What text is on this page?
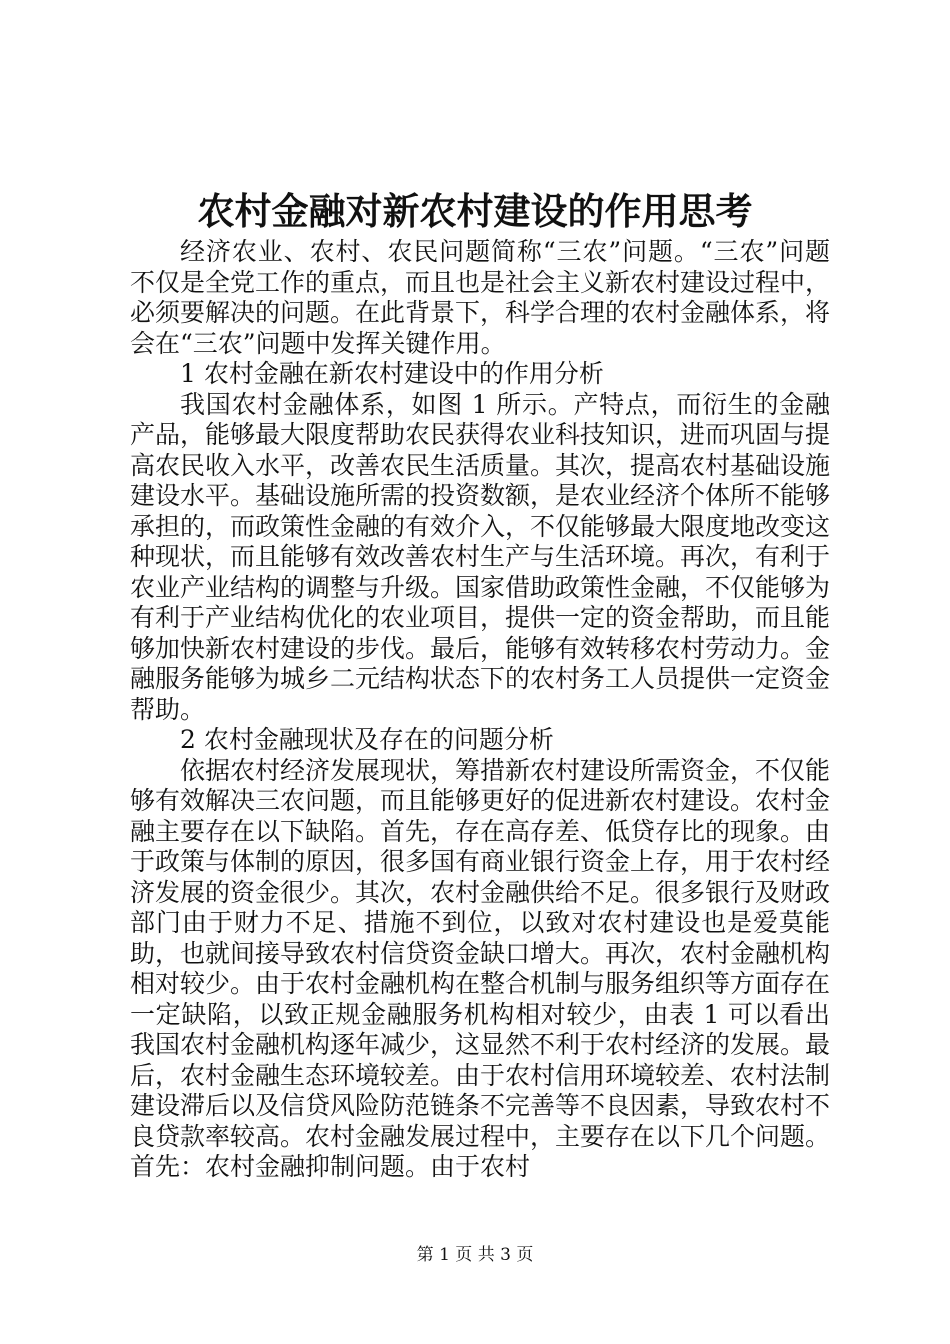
农村金融对新农村建设的作用思考

经济农业、农村、农民问题简称“三农”问题。“三农”问题不仅是全党工作的重点，而且也是社会主义新农村建设过程中，必须要解决的问题。在此背景下，科学合理的农村金融体系，将会在“三农”问题中发挥关键作用。

1 农村金融在新农村建设中的作用分析

我国农村金融体系，如图 1 所示。产特点，而衍生的金融产品，能够最大限度帮助农民获得农业科技知识，进而巩固与提高农民收入水平，改善农民生活质量。其次，提高农村基础设施建设水平。基础设施所需的投资数额，是农业经济个体所不能够承担的，而政策性金融的有效介入，不仅能够最大限度地改变这种现状，而且能够有效改善农村生产与生活环境。再次，有利于农业产业结构的调整与升级。国家借助政策性金融，不仅能够为有利于产业结构优化的农业项目，提供一定的资金帮助，而且能够加快新农村建设的步伐。最后，能够有效转移农村劳动力。金融服务能够为城乡二元结构状态下的农村务工人员提供一定资金帮助。

2 农村金融现状及存在的问题分析

依据农村经济发展现状，筹措新农村建设所需资金，不仅能够有效解决三农问题，而且能够更好的促进新农村建设。农村金融主要存在以下缺陷。首先，存在高存差、低贷存比的现象。由于政策与体制的原因，很多国有商业银行资金上存，用于农村经济发展的资金很少。其次，农村金融供给不足。很多银行及财政部门由于财力不足、措施不到位，以致对农村建设也是爱莫能助，也就间接导致农村信贷资金缺口增大。再次，农村金融机构相对较少。由于农村金融机构在整合机制与服务组织等方面存在一定缺陷，以致正规金融服务机构相对较少，由表 1 可以看出我国农村金融机构逐年减少，这显然不利于农村经济的发展。最后，农村金融生态环境较差。由于农村信用环境较差、农村法制建设滞后以及信贷风险防范链条不完善等不良因素，导致农村不良贷款率较高。农村金融发展过程中，主要存在以下几个问题。首先：农村金融抑制问题。由于农村

第 1 页 共 3 页
